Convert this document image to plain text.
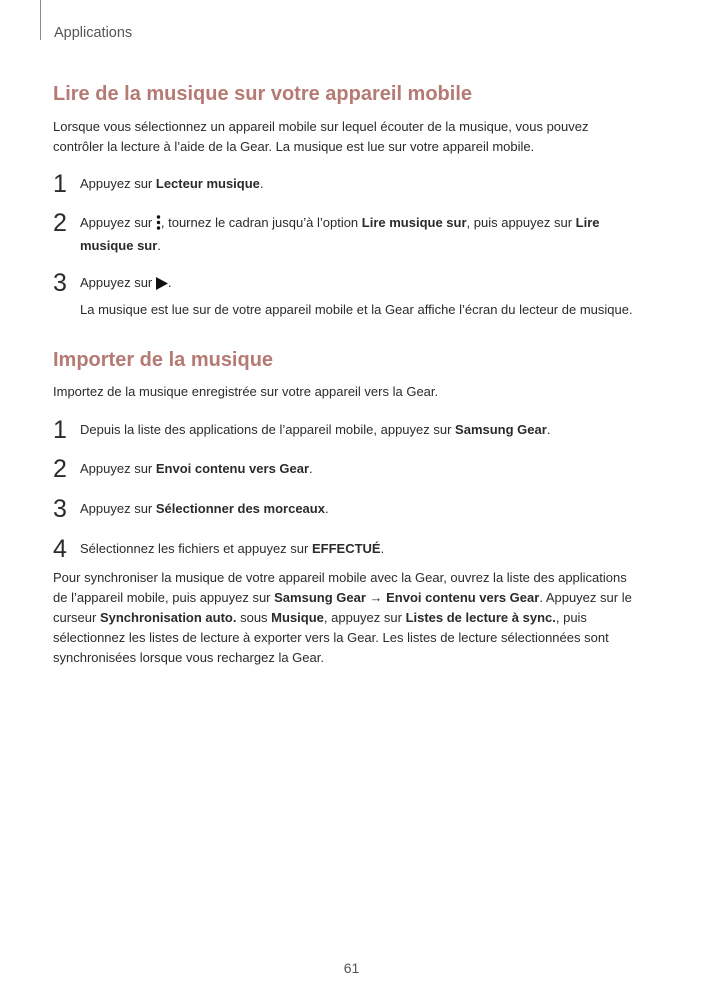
Applications
Lire de la musique sur votre appareil mobile
Lorsque vous sélectionnez un appareil mobile sur lequel écouter de la musique, vous pouvez contrôler la lecture à l’aide de la Gear. La musique est lue sur votre appareil mobile.
1 Appuyez sur Lecteur musique.
2 Appuyez sur , tournez le cadran jusqu’à l’option Lire musique sur, puis appuyez sur Lire musique sur.
3 Appuyez sur .
La musique est lue sur de votre appareil mobile et la Gear affiche l’écran du lecteur de musique.
Importer de la musique
Importez de la musique enregistrée sur votre appareil vers la Gear.
1 Depuis la liste des applications de l’appareil mobile, appuyez sur Samsung Gear.
2 Appuyez sur Envoi contenu vers Gear.
3 Appuyez sur Sélectionner des morceaux.
4 Sélectionnez les fichiers et appuyez sur EFFECTUÉ.
Pour synchroniser la musique de votre appareil mobile avec la Gear, ouvrez la liste des applications de l’appareil mobile, puis appuyez sur Samsung Gear → Envoi contenu vers Gear. Appuyez sur le curseur Synchronisation auto. sous Musique, appuyez sur Listes de lecture à sync., puis sélectionnez les listes de lecture à exporter vers la Gear. Les listes de lecture sélectionnées sont synchronisées lorsque vous rechargez la Gear.
61
